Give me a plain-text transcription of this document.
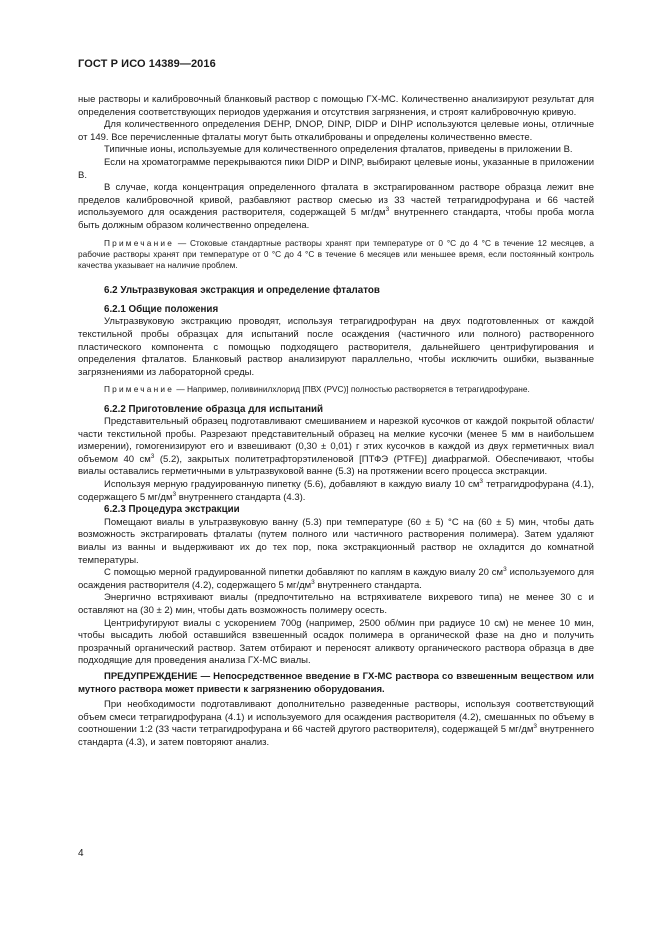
ГОСТ Р ИСО 14389—2016

ные растворы и калибровочный бланковый раствор с помощью ГХ-МС. Количественно анализируют результат для определения соответствующих периодов удержания и отсутствия загрязнения, и строят калибровочную кривую.

Для количественного определения DEHP, DNOP, DINP, DIDP и DIHP используются целевые ионы, отличные от 149. Все перечисленные фталаты могут быть откалиброваны и определены количественно вместе.

Типичные ионы, используемые для количественного определения фталатов, приведены в приложении В.

Если на хроматограмме перекрываются пики DIDP и DINP, выбирают целевые ионы, указанные в приложении В.

В случае, когда концентрация определенного фталата в экстрагированном растворе образца лежит вне пределов калибровочной кривой, разбавляют раствор смесью из 33 частей тетрагидрофурана и 66 частей используемого для осаждения растворителя, содержащей 5 $мг/дм^3$ внутреннего стандарта, чтобы проба могла быть должным образом количественно определена.

Примечание — Стоковые стандартные растворы хранят при температуре от 0 °С до 4 °С в течение 12 месяцев, а рабочие растворы хранят при температуре от 0 °С до 4 °С в течение 6 месяцев или меньшее время, если постоянный контроль качества указывает на наличие проблем.

6.2 Ультразвуковая экстракция и определение фталатов
6.2.1 Общие положения

Ультразвуковую экстракцию проводят, используя тетрагидрофуран на двух подготовленных от каждой текстильной пробы образцах для испытаний после осаждения (частичного или полного) растворенного пластического компонента с помощью подходящего растворителя, дальнейшего центрифугирования и определения фталатов. Бланковый раствор анализируют параллельно, чтобы исключить ошибки, вызванные загрязнениями из лабораторной среды.

Примечание — Например, поливинилхлорид [ПВХ (PVC)] полностью растворяется в тетрагидрофуране.

6.2.2 Приготовление образца для испытаний

Представительный образец подготавливают смешиванием и нарезкой кусочков от каждой покрытой области/части текстильной пробы. Разрезают представительный образец на мелкие кусочки (менее 5 мм в наибольшем измерении), гомогенизируют его и взвешивают (0,30 ± 0,01) г этих кусочков в каждой из двух герметичных виал объемом 40 $см^3$ (5.2), закрытых политетрафторэтиленовой [ПТФЭ (PTFE)] диафрагмой. Обеспечивают, чтобы виалы оставались герметичными в ультразвуковой ванне (5.3) на протяжении всего процесса экстракции.

Используя мерную градуированную пипетку (5.6), добавляют в каждую виалу 10 $см^3$ тетрагидрофурана (4.1), содержащего 5 $мг/дм^3$ внутреннего стандарта (4.3).

6.2.3 Процедура экстракции

Помещают виалы в ультразвуковую ванну (5.3) при температуре (60 ± 5) °С на (60 ± 5) мин, чтобы дать возможность экстрагировать фталаты (путем полного или частичного растворения полимера). Затем удаляют виалы из ванны и выдерживают их до тех пор, пока экстракционный раствор не охладится до комнатной температуры.

С помощью мерной градуированной пипетки добавляют по каплям в каждую виалу 20 $см^3$ используемого для осаждения растворителя (4.2), содержащего 5 $мг/дм^3$ внутреннего стандарта.

Энергично встряхивают виалы (предпочтительно на встряхивателе вихревого типа) не менее 30 с и оставляют на (30 ± 2) мин, чтобы дать возможность полимеру осесть.

Центрифугируют виалы с ускорением 700g (например, 2500 об/мин при радиусе 10 см) не менее 10 мин, чтобы высадить любой оставшийся взвешенный осадок полимера в органической фазе на дно и получить прозрачный органический раствор. Затем отбирают и переносят аликвоту органического раствора образца в две подходящие для проведения анализа ГХ-МС виалы.

ПРЕДУПРЕЖДЕНИЕ — Непосредственное введение в ГХ-МС раствора со взвешенным веществом или мутного раствора может привести к загрязнению оборудования.

При необходимости подготавливают дополнительно разведенные растворы, используя соответствующий объем смеси тетрагидрофурана (4.1) и используемого для осаждения растворителя (4.2), смешанных по объему в соотношении 1:2 (33 части тетрагидрофурана и 66 частей другого растворителя), содержащей 5 $мг/дм^3$ внутреннего стандарта (4.3), и затем повторяют анализ.

4
